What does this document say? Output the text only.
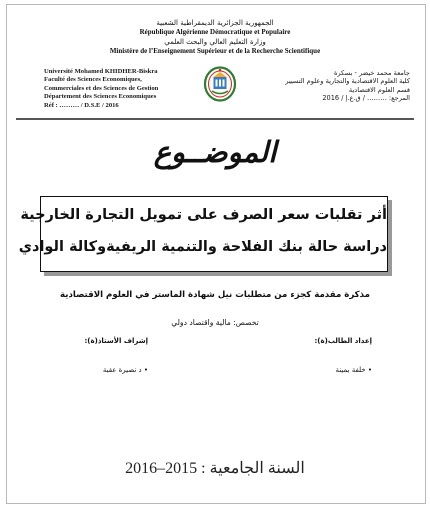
الجمهورية الجزائرية الديمقراطية الشعبية
République Algérienne Démocratique et Populaire
وزارة التعليم العالي والبحث العلمي
Ministère de l’Enseignement Supérieur et de la Recherche Scientifique
Université Mohamed KHIDHER-Biskra
Faculté des Sciences Economiques,
Commerciales et des Sciences de Gestion
Département des Sciences Economiques
Réf : ……… / D.S.E / 2016
جامعة محمد خيضر - بسكرة
كلية العلوم الاقتصادية والتجارية وعلوم التسيير
قسم العلوم الاقتصادية
المرجع: ……… / ق.ع.إ / 2016
الموضــوع
أثر تقلبات سعر الصرف على تمويل التجارة الخارجية
دراسة حالة بنك الفلاحة والتنمية الريفيةوكالة الوادي
مذكرة مقدمة كجزء من متطلبات نيل شهادة الماستر في العلوم الاقتصادية
تخصص: مالية واقتصاد دولي
إعداد الطالب(ة):
إشراف الأستاذ(ة):
• خلفة يمينة
• د نصيرة عقبة
السنة الجامعية : 2015–2016
